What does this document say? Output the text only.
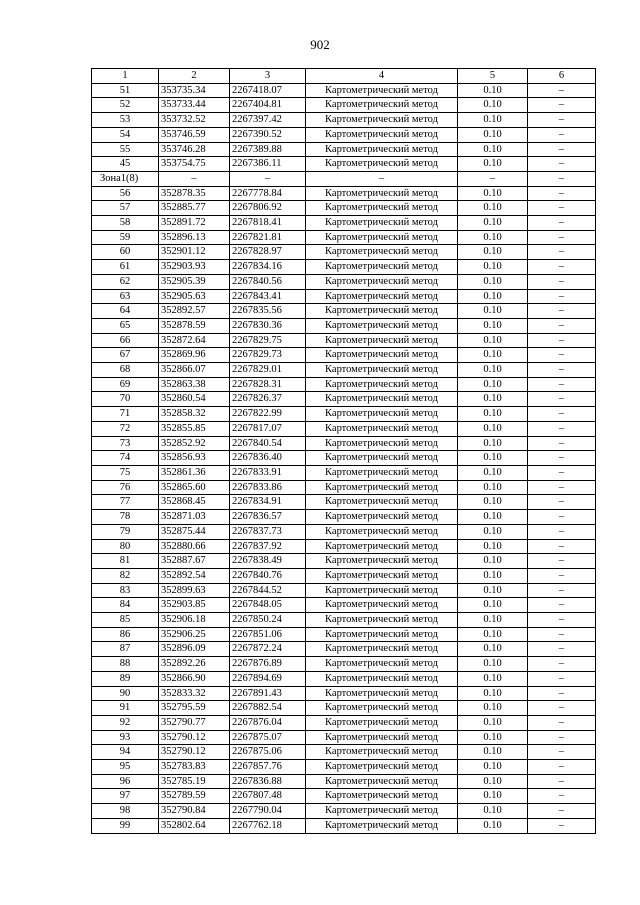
902
1	2	3	4	5	6
51	353735.34	2267418.07	Картометрический метод	0.10	–
52	353733.44	2267404.81	Картометрический метод	0.10	–
53	353732.52	2267397.42	Картометрический метод	0.10	–
54	353746.59	2267390.52	Картометрический метод	0.10	–
55	353746.28	2267389.88	Картометрический метод	0.10	–
45	353754.75	2267386.11	Картометрический метод	0.10	–
Зона1(8)	–	–	–	–	–
56	352878.35	2267778.84	Картометрический метод	0.10	–
57	352885.77	2267806.92	Картометрический метод	0.10	–
58	352891.72	2267818.41	Картометрический метод	0.10	–
59	352896.13	2267821.81	Картометрический метод	0.10	–
60	352901.12	2267828.97	Картометрический метод	0.10	–
61	352903.93	2267834.16	Картометрический метод	0.10	–
62	352905.39	2267840.56	Картометрический метод	0.10	–
63	352905.63	2267843.41	Картометрический метод	0.10	–
64	352892.57	2267835.56	Картометрический метод	0.10	–
65	352878.59	2267830.36	Картометрический метод	0.10	–
66	352872.64	2267829.75	Картометрический метод	0.10	–
67	352869.96	2267829.73	Картометрический метод	0.10	–
68	352866.07	2267829.01	Картометрический метод	0.10	–
69	352863.38	2267828.31	Картометрический метод	0.10	–
70	352860.54	2267826.37	Картометрический метод	0.10	–
71	352858.32	2267822.99	Картометрический метод	0.10	–
72	352855.85	2267817.07	Картометрический метод	0.10	–
73	352852.92	2267840.54	Картометрический метод	0.10	–
74	352856.93	2267836.40	Картометрический метод	0.10	–
75	352861.36	2267833.91	Картометрический метод	0.10	–
76	352865.60	2267833.86	Картометрический метод	0.10	–
77	352868.45	2267834.91	Картометрический метод	0.10	–
78	352871.03	2267836.57	Картометрический метод	0.10	–
79	352875.44	2267837.73	Картометрический метод	0.10	–
80	352880.66	2267837.92	Картометрический метод	0.10	–
81	352887.67	2267838.49	Картометрический метод	0.10	–
82	352892.54	2267840.76	Картометрический метод	0.10	–
83	352899.63	2267844.52	Картометрический метод	0.10	–
84	352903.85	2267848.05	Картометрический метод	0.10	–
85	352906.18	2267850.24	Картометрический метод	0.10	–
86	352906.25	2267851.06	Картометрический метод	0.10	–
87	352896.09	2267872.24	Картометрический метод	0.10	–
88	352892.26	2267876.89	Картометрический метод	0.10	–
89	352866.90	2267894.69	Картометрический метод	0.10	–
90	352833.32	2267891.43	Картометрический метод	0.10	–
91	352795.59	2267882.54	Картометрический метод	0.10	–
92	352790.77	2267876.04	Картометрический метод	0.10	–
93	352790.12	2267875.07	Картометрический метод	0.10	–
94	352790.12	2267875.06	Картометрический метод	0.10	–
95	352783.83	2267857.76	Картометрический метод	0.10	–
96	352785.19	2267836.88	Картометрический метод	0.10	–
97	352789.59	2267807.48	Картометрический метод	0.10	–
98	352790.84	2267790.04	Картометрический метод	0.10	–
99	352802.64	2267762.18	Картометрический метод	0.10	–
